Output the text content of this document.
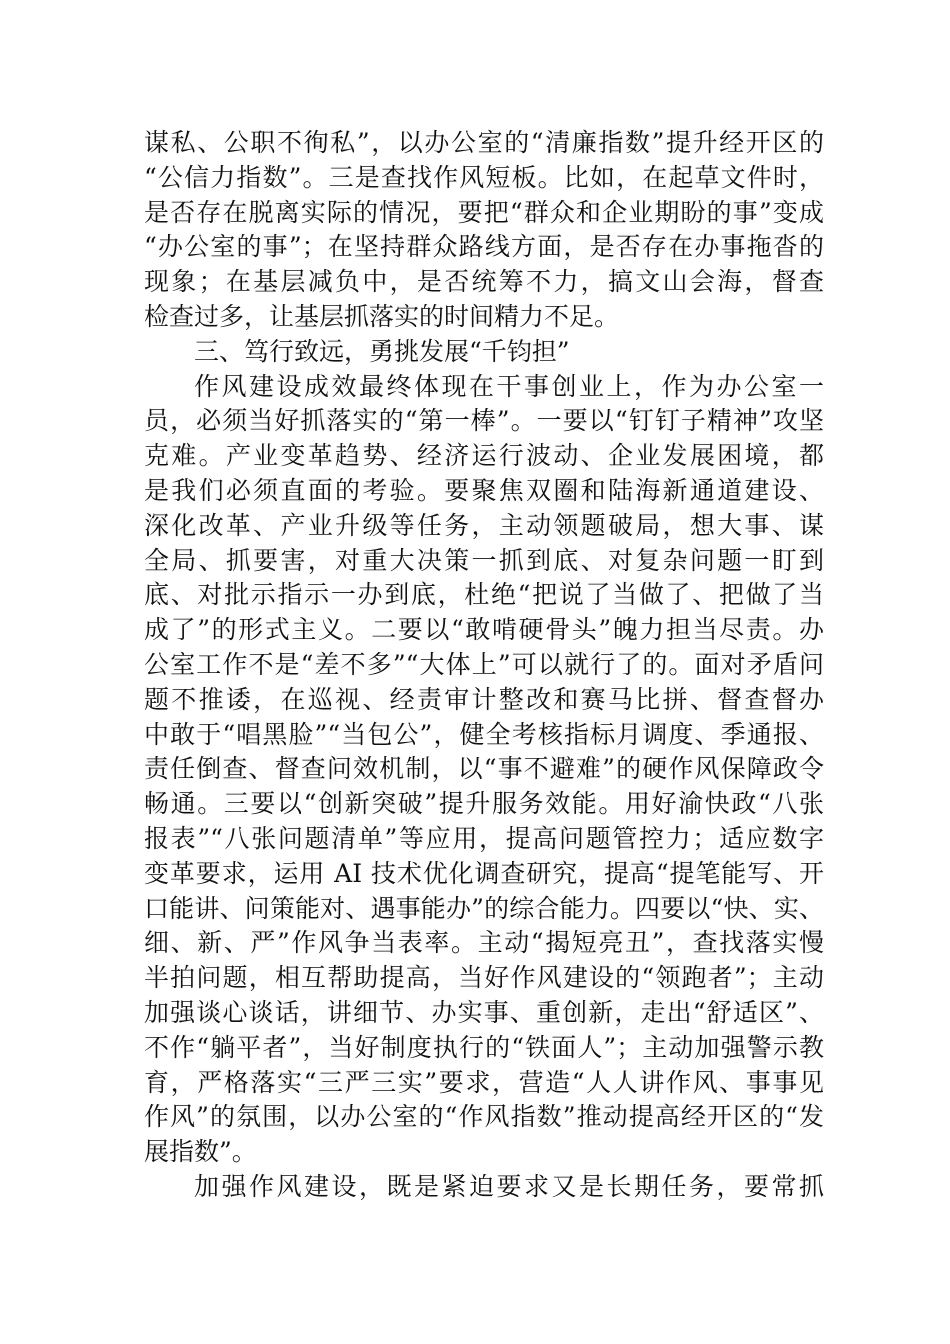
谋私、公职不徇私”，以办公室的“清廉指数”提升经开区的
“公信力指数”。三是查找作风短板。比如，在起草文件时，
是否存在脱离实际的情况，要把“群众和企业期盼的事”变成
“办公室的事”；在坚持群众路线方面，是否存在办事拖沓的
现象；在基层减负中，是否统筹不力，搞文山会海，督查
检查过多，让基层抓落实的时间精力不足。
三、笃行致远，勇挑发展“千钧担”
作风建设成效最终体现在干事创业上，作为办公室一
员，必须当好抓落实的“第一棒”。一要以“钉钉子精神”攻坚
克难。产业变革趋势、经济运行波动、企业发展困境，都
是我们必须直面的考验。要聚焦双圈和陆海新通道建设、
深化改革、产业升级等任务，主动领题破局，想大事、谋
全局、抓要害，对重大决策一抓到底、对复杂问题一盯到
底、对批示指示一办到底，杜绝“把说了当做了、把做了当
成了”的形式主义。二要以“敢啃硬骨头”魄力担当尽责。办
公室工作不是“差不多”“大体上”可以就行了的。面对矛盾问
题不推诿，在巡视、经责审计整改和赛马比拼、督查督办
中敢于“唱黑脸”“当包公”，健全考核指标月调度、季通报、
责任倒查、督查问效机制，以“事不避难”的硬作风保障政令
畅通。三要以“创新突破”提升服务效能。用好渝快政“八张
报表”“八张问题清单”等应用，提高问题管控力；适应数字
变革要求，运用 AI 技术优化调查研究，提高“提笔能写、开
口能讲、问策能对、遇事能办”的综合能力。四要以“快、实、
细、新、严”作风争当表率。主动“揭短亮丑”，查找落实慢
半拍问题，相互帮助提高，当好作风建设的“领跑者”；主动
加强谈心谈话，讲细节、办实事、重创新，走出“舒适区”、
不作“躺平者”，当好制度执行的“铁面人”；主动加强警示教
育，严格落实“三严三实”要求，营造“人人讲作风、事事见
作风”的氛围，以办公室的“作风指数”推动提高经开区的“发
展指数”。
加强作风建设，既是紧迫要求又是长期任务，要常抓
